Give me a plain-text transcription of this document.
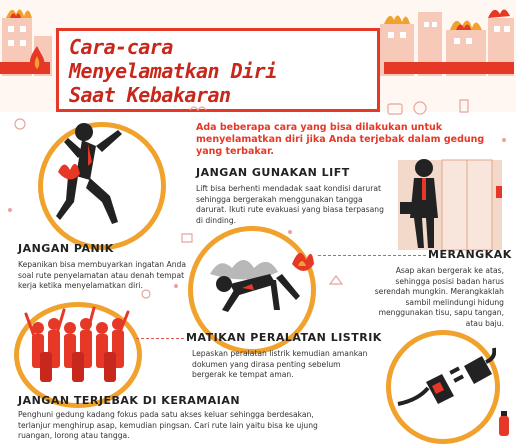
Cara-cara
Menyelamatkan Diri
Saat Kebakaran

Ada beberapa cara yang bisa dilakukan untuk menyelamatkan diri jika Anda terjebak dalam gedung yang terbakar.

JANGAN GUNAKAN LIFT

Lift bisa berhenti mendadak saat kondisi darurat sehingga bergerakah menggunakan tangga darurat. Ikuti rute evakuasi yang biasa terpasang di dinding.

JANGAN PANIK

Kepanikan bisa membuyarkan ingatan Anda soal rute penyelamatan atau denah tempat kerja ketika menyelamatkan diri.

MERANGKAK

Asap akan bergerak ke atas, sehingga posisi badan harus serendah mungkin. Merangkaklah sambil melindungi hidung menggunakan tisu, sapu tangan, atau baju.

MATIKAN PERALATAN LISTRIK

Lepaskan peralatan listrik kemudian amankan dokumen yang dirasa penting sebelum bergerak ke tempat aman.

JANGAN TERJEBAK DI KERAMAIAN

Penghuni gedung kadang fokus pada satu akses keluar sehingga berdesakan, terlanjur menghirup asap, kemudian pingsan. Cari rute lain yaitu bisa ke ujung ruangan, lorong atau tangga.
